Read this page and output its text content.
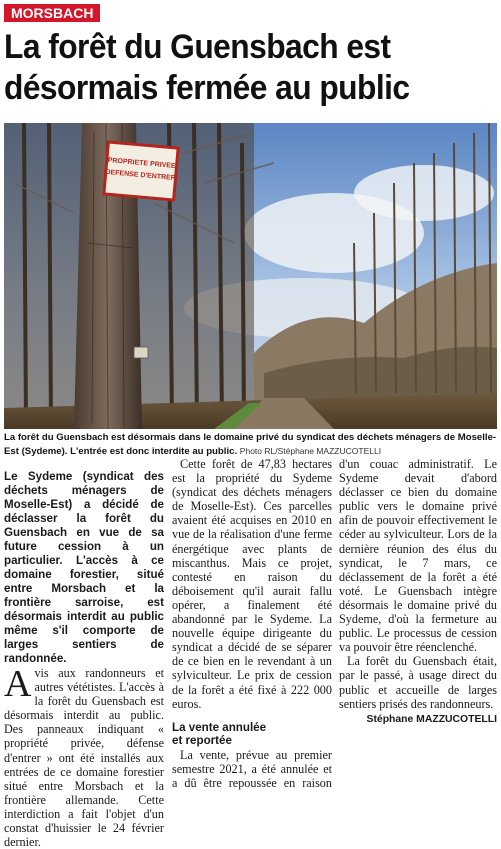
MORSBACH
La forêt du Guensbach est
désormais fermée au public
PROPRIETE PRIVEE
DEFENSE D'ENTRER
La forêt du Guensbach est désormais dans le domaine privé du syndicat des déchets ménagers de Moselle-Est (Sydeme). L'entrée est donc interdite au public. Photo RL/Stéphane MAZZUCOTELLI

Le Sydeme (syndicat des déchets ménagers de Moselle-Est) a décidé de déclasser la forêt du Guensbach en vue de sa future cession à un particulier. L'accès à ce domaine forestier, situé entre Morsbach et la frontière sarroise, est désormais interdit au public même s'il comporte de larges sentiers de randonnée.

Avis aux randonneurs et autres vététistes. L'accès à la forêt du Guensbach est désormais interdit au public. Des panneaux indiquant « propriété privée, défense d'entrer » ont été installés aux entrées de ce domaine forestier situé entre Morsbach et la frontière allemande. Cette interdiction a fait l'objet d'un constat d'huissier le 24 février dernier.

Cette forêt de 47,83 hectares est la propriété du Sydeme (syndicat des déchets ménagers de Moselle-Est). Ces parcelles avaient été acquises en 2010 en vue de la réalisation d'une ferme énergétique avec plants de miscanthus. Mais ce projet, contesté en raison du déboisement qu'il aurait fallu opérer, a finalement été abandonné par le Sydeme. La nouvelle équipe dirigeante du syndicat a décidé de se séparer de ce bien en le revendant à un sylviculteur. Le prix de cession de la forêt a été fixé à 222 000 euros.

La vente annulée
et reportée

La vente, prévue au premier semestre 2021, a été annulée et a dû être repoussée en raison

d'un couac administratif. Le Sydeme devait d'abord déclasser ce bien du domaine public vers le domaine privé afin de pouvoir effectivement le céder au sylviculteur. Lors de la dernière réunion des élus du syndicat, le 7 mars, ce déclassement de la forêt a été voté. Le Guensbach intègre désormais le domaine privé du Sydeme, d'où la fermeture au public. Le processus de cession va pouvoir être réenclenché.

La forêt du Guensbach était, par le passé, à usage direct du public et accueille de larges sentiers prisés des randonneurs.

Stéphane MAZZUCOTELLI
